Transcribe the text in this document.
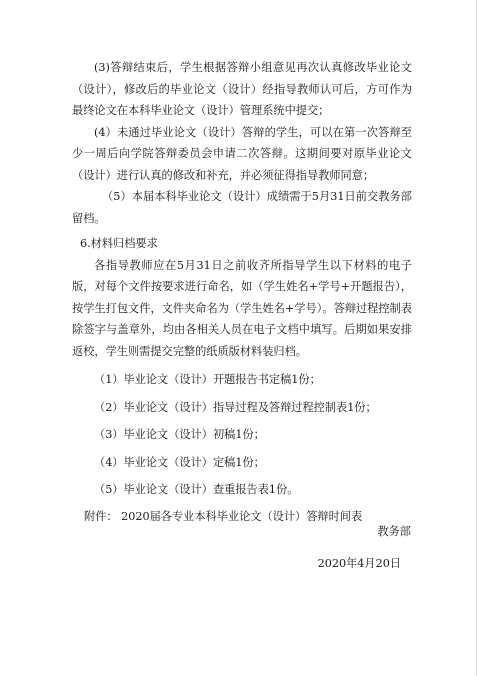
(3)答辩结束后，学生根据答辩小组意见再次认真修改毕业论文（设计），修改后的毕业论文（设计）经指导教师认可后，方可作为最终论文在本科毕业论文（设计）管理系统中提交；

(4）未通过毕业论文（设计）答辩的学生，可以在第一次答辩至少一周后向学院答辩委员会申请二次答辩。这期间要对原毕业论文（设计）进行认真的修改和补充，并必须征得指导教师同意；

（5）本届本科毕业论文（设计）成绩需于5月31日前交教务部留档。

6.材料归档要求

各指导教师应在5月31日之前收齐所指导学生以下材料的电子版，对每个文件按要求进行命名，如（学生姓名+学号+开题报告），按学生打包文件，文件夹命名为（学生姓名+学号）。答辩过程控制表除签字与盖章外，均由各相关人员在电子文档中填写。后期如果安排返校，学生则需提交完整的纸质版材料装归档。

（1）毕业论文（设计）开题报告书定稿1份；

（2）毕业论文（设计）指导过程及答辩过程控制表1份；

（3）毕业论文（设计）初稿1份；

（4）毕业论文（设计）定稿1份；

（5）毕业论文（设计）查重报告表1份。

附件： 2020届各专业本科毕业论文（设计）答辩时间表

教务部
2020年4月20日
